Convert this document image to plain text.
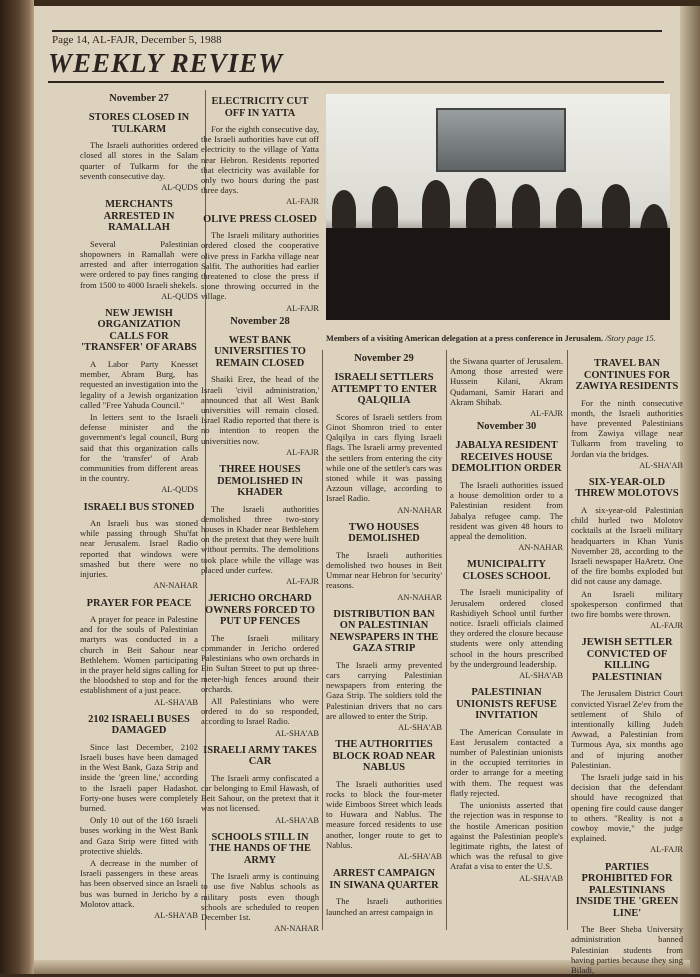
Page 14, AL-FAJR, December 5, 1988
WEEKLY REVIEW
November 27
STORES CLOSED IN TULKARM

The Israeli authorities ordered closed all stores in the Salam quarter of Tulkarm for the seventh consecutive day.

AL-QUDS
MERCHANTS ARRESTED IN RAMALLAH

Several Palestinian shopowners in Ramallah were arrested and after interrogation were ordered to pay fines ranging from 1500 to 4000 Israeli shekels.

AL-QUDS
NEW JEWISH ORGANIZATION CALLS FOR 'TRANSFER' OF ARABS

A Labor Party Knesset member, Abram Burg, has requested an investigation into the legality of a Jewish organization called "Free Yahuda Council."

In letters sent to the Israeli defense minister and the government's legal council, Burg said that this organization calls for the 'transfer' of Arab communities from different areas in the country.

AL-QUDS
ISRAELI BUS STONED

An Israeli bus was stoned while passing through Shu'fat near Jerusalem. Israel Radio reported that windows were smashed but there were no injuries.

AN-NAHAR
PRAYER FOR PEACE

A prayer for peace in Palestine and for the souls of Palestinian martyrs was conducted in a church in Beit Sahour near Bethlehem. Women participating in the prayer held signs calling for the bloodshed to stop and for the establishment of a just peace.

AL-SHA'AB
2102 ISRAELI BUSES DAMAGED

Since last December, 2102 Israeli buses have been damaged in the West Bank, Gaza Strip and inside the 'green line,' according to the Israeli paper Hadashot. Forty-one buses were completely burned.

Only 10 out of the 160 Israeli buses working in the West Bank and Gaza Strip were fitted with protective shields.

A decrease in the number of Israeli passengers in these areas has been observed since an Israeli bus was burned in Jericho by a Molotov attack.

AL-SHA'AB
ELECTRICITY CUT OFF IN YATTA

For the eighth consecutive day, the Israeli authorities have cut off electricity to the village of Yatta near Hebron. Residents reported that electricity was available for only two hours during the past three days.

AL-FAJR
OLIVE PRESS CLOSED

The Israeli military authorities ordered closed the cooperative olive press in Farkha village near Salfit. The authorities had earlier threatened to close the press if stone throwing occurred in the village.

AL-FAJR
November 28
WEST BANK UNIVERSITIES TO REMAIN CLOSED

Shaiki Erez, the head of the Israeli 'civil administration,' announced that all West Bank universities will remain closed. Israel Radio reported that there is no intention to reopen the universities now.

AL-FAJR
THREE HOUSES DEMOLISHED IN KHADER

The Israeli authorities demolished three two-story houses in Khader near Bethlehem on the pretext that they were built without permits. The demolitions took place while the village was placed under curfew.

AL-FAJR
JERICHO ORCHARD OWNERS FORCED TO PUT UP FENCES

The Israeli military commander in Jericho ordered Palestinians who own orchards in Ein Sultan Street to put up three-meter-high fences around their orchards.

All Palestinians who were ordered to do so responded, according to Israel Radio.

AL-SHA'AB
ISRAELI ARMY TAKES CAR

The Israeli army confiscated a car belonging to Emil Hawash, of Beit Sahour, on the pretext that it was not licensed.

AL-SHA'AB
SCHOOLS STILL IN THE HANDS OF THE ARMY

The Israeli army is continuing to use five Nablus schools as military posts even though schools are scheduled to reopen December 1st.

AN-NAHAR
Members of a visiting American delegation at a press conference in Jerusalem. /Story page 15.
November 29
ISRAELI SETTLERS ATTEMPT TO ENTER QALQILIA

Scores of Israeli settlers from Ginot Shomron tried to enter Qalqilya in cars flying Israeli flags. The Israeli army prevented the settlers from entering the city while one of the settler's cars was stoned while it was passing Azzoun village, according to Israel Radio.

AN-NAHAR
TWO HOUSES DEMOLISHED

The Israeli authorities demolished two houses in Beit Ummar near Hebron for 'security' reasons.

AN-NAHAR
DISTRIBUTION BAN ON PALESTINIAN NEWSPAPERS IN THE GAZA STRIP

The Israeli army prevented cars carrying Palestinian newspapers from entering the Gaza Strip. The soldiers told the Palestinian drivers that no cars are allowed to enter the Strip.

AL-SHA'AB
THE AUTHORITIES BLOCK ROAD NEAR NABLUS

The Israeli authorities used rocks to block the four-meter wide Eimboos Street which leads to Huwara and Nablus. The measure forced residents to use another, longer route to get to Nablus.

AL-SHA'AB
ARREST CAMPAIGN IN SIWANA QUARTER

The Israeli authorities launched an arrest campaign in

the Siwana quarter of Jerusalem. Among those arrested were Hussein Kilani, Akram Qudamani, Samir Harari and Akram Shihab.

AL-FAJR
November 30
JABALYA RESIDENT RECEIVES HOUSE DEMOLITION ORDER

The Israeli authorities issued a house demolition order to a Palestinian resident from Jabalya refugee camp. The resident was given 48 hours to appeal the demolition.

AN-NAHAR
MUNICIPALITY CLOSES SCHOOL

The Israeli municipality of Jerusalem ordered closed Rashidiyeh School until further notice. Israeli officials claimed they ordered the closure because students were only attending school in the hours prescribed by the underground leadership.

AL-SHA'AB
PALESTINIAN UNIONISTS REFUSE INVITATION

The American Consulate in East Jerusalem contacted a number of Palestinian unionists in the occupied territories in order to arrange for a meeting with them. The request was flatly rejected.

The unionists asserted that the rejection was in response to the hostile American position against the Palestinian people's legitimate rights, the latest of which was the refusal to give Arafat a visa to enter the U.S.

AL-SHA'AB
TRAVEL BAN CONTINUES FOR ZAWIYA RESIDENTS

For the ninth consecutive month, the Israeli authorities have prevented Palestinians from Zawiya village near Tulkarm from traveling to Jordan via the bridges.

AL-SHA'AB
SIX-YEAR-OLD THREW MOLOTOVS

A six-year-old Palestinian child hurled two Molotov cocktails at the Israeli military headquarters in Khan Yunis November 28, according to the Israeli newspaper HaAretz. One of the fire bombs exploded but did not cause any damage.

An Israeli military spokesperson confirmed that two fire bombs were thrown.

AL-FAJR
JEWISH SETTLER CONVICTED OF KILLING PALESTINIAN

The Jerusalem District Court convicted Yisrael Ze'ev from the settlement of Shilo of intentionally killing Judeh Awwad, a Palestinian from Turmous Aya, six months ago and of injuring another Palestinian.

The Israeli judge said in his decision that the defendant should have recognized that opening fire could cause danger to others. "Reality is not a cowboy movie," the judge explained.

AL-FAJR
PARTIES PROHIBITED FOR PALESTINIANS INSIDE THE 'GREEN LINE'

The Beer Sheba University administration banned Palestinian students from having parties because they sing Biladi,
